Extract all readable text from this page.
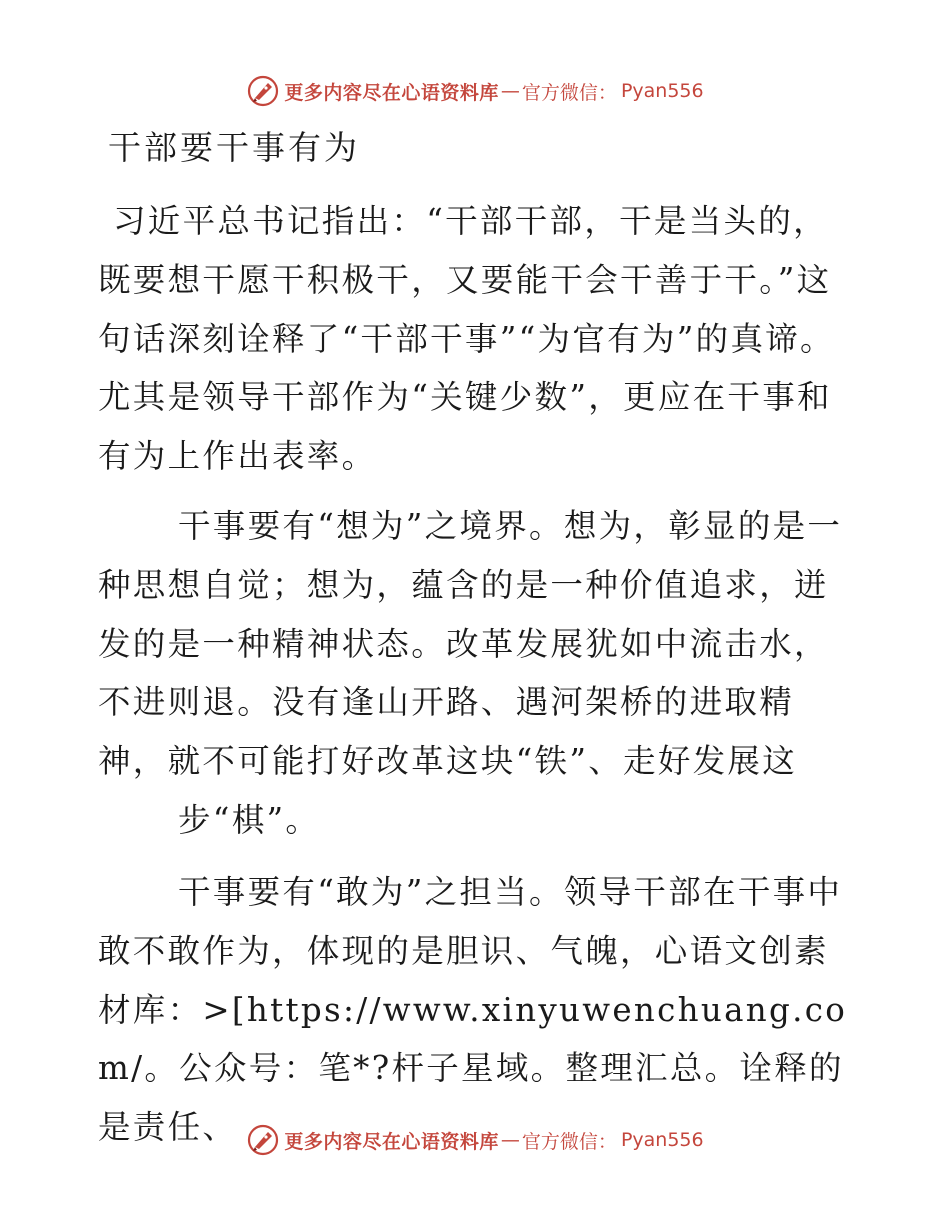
更多内容尽在心语资料库 — 官方微信： Pyan556
干部要干事有为

习近平总书记指出：“干部干部，干是当头的，既要想干愿干积极干，又要能干会干善于干。”这句话深刻诠释了“干部干事”“为官有为”的真谛。尤其是领导干部作为“关键少数”，更应在干事和有为上作出表率。

干事要有“想为”之境界。想为，彰显的是一种思想自觉；想为，蕴含的是一种价值追求，迸发的是一种精神状态。改革发展犹如中流击水，不进则退。没有逢山开路、遇河架桥的进取精神，就不可能打好改革这块“铁”、走好发展这
步“棋”。

干事要有“敢为”之担当。领导干部在干事中敢不敢作为，体现的是胆识、气魄，心语文创素材库：>[https://www.xinyuwenchuang.com/。公众号：笔*?杆子星域。整理汇总。诠释的是责任、	更多内容尽在心语资料库 — 官方微信： Pyan556
